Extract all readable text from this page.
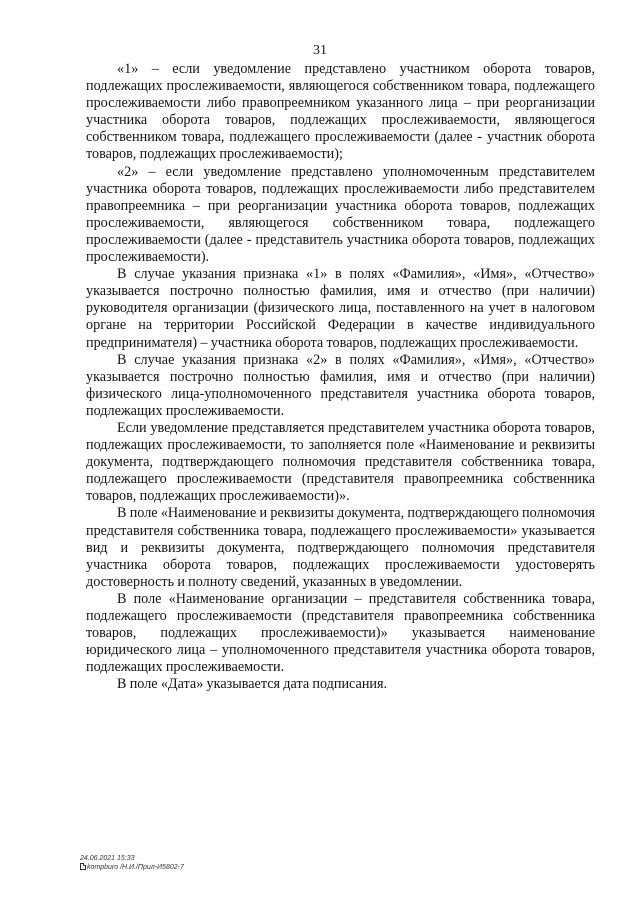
31

«1» – если уведомление представлено участником оборота товаров, подлежащих прослеживаемости, являющегося собственником товара, подлежащего прослеживаемости либо правопреемником указанного лица – при реорганизации участника оборота товаров, подлежащих прослеживаемости, являющегося собственником товара, подлежащего прослеживаемости (далее - участник оборота товаров, подлежащих прослеживаемости);

«2» – если уведомление представлено уполномоченным представителем участника оборота товаров, подлежащих прослеживаемости либо представителем правопреемника – при реорганизации участника оборота товаров, подлежащих прослеживаемости, являющегося собственником товара, подлежащего прослеживаемости (далее - представитель участника оборота товаров, подлежащих прослеживаемости).

В случае указания признака «1» в полях «Фамилия», «Имя», «Отчество» указывается построчно полностью фамилия, имя и отчество (при наличии) руководителя организации (физического лица, поставленного на учет в налоговом органе на территории Российской Федерации в качестве индивидуального предпринимателя) – участника оборота товаров, подлежащих прослеживаемости.

В случае указания признака «2» в полях «Фамилия», «Имя», «Отчество» указывается построчно полностью фамилия, имя и отчество (при наличии) физического лица-уполномоченного представителя участника оборота товаров, подлежащих прослеживаемости.

Если уведомление представляется представителем участника оборота товаров, подлежащих прослеживаемости, то заполняется поле «Наименование и реквизиты документа, подтверждающего полномочия представителя собственника товара, подлежащего прослеживаемости (представителя правопреемника собственника товаров, подлежащих прослеживаемости)».

В поле «Наименование и реквизиты документа, подтверждающего полномочия представителя собственника товара, подлежащего прослеживаемости» указывается вид и реквизиты документа, подтверждающего полномочия представителя участника оборота товаров, подлежащих прослеживаемости удостоверять достоверность и полноту сведений, указанных в уведомлении.

В поле «Наименование организации – представителя собственника товара, подлежащего прослеживаемости (представителя правопреемника собственника товаров, подлежащих прослеживаемости)» указывается наименование юридического лица – уполномоченного представителя участника оборота товаров, подлежащих прослеживаемости.

В поле «Дата» указывается дата подписания.

24.06.2021 15:33
kompburo /Н.И./Прил-И5802-7
